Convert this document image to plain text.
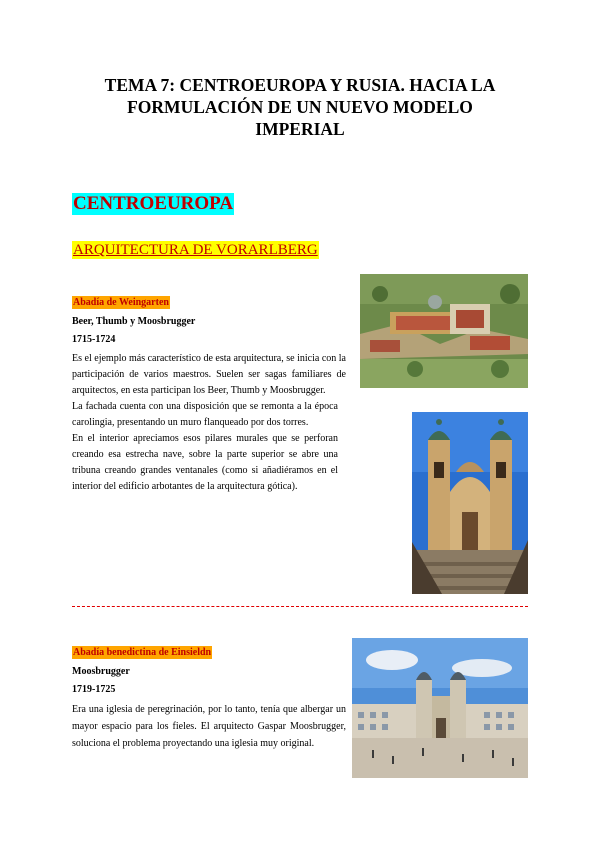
TEMA 7: CENTROEUROPA Y RUSIA. HACIA LA
FORMULACIÓN DE UN NUEVO MODELO
IMPERIAL
CENTROEUROPA
ARQUITECTURA DE VORARLBERG
Abadía de Weingarten
Beer, Thumb y Moosbrugger
1715-1724

Es el ejemplo más característico de esta arquitectura, se inicia con la participación de varios maestros. Suelen ser sagas familiares de arquitectos, en esta participan los Beer, Thumb y Moosbrugger.

La fachada cuenta con una disposición que se remonta a la época carolingia, presentando un muro flanqueado por dos torres.

En el interior apreciamos esos pilares murales que se perforan creando esa estrecha nave, sobre la parte superior se abre una tribuna creando grandes ventanales (como si añadiéramos en el interior del edificio arbotantes de la arquitectura gótica).

Abadía benedictina de Einsieldn
Moosbrugger
1719-1725

Era una iglesia de peregrinación, por lo tanto, tenía que albergar un mayor espacio para los fieles. El arquitecto Gaspar Moosbrugger, soluciona el problema proyectando una iglesia muy original.
